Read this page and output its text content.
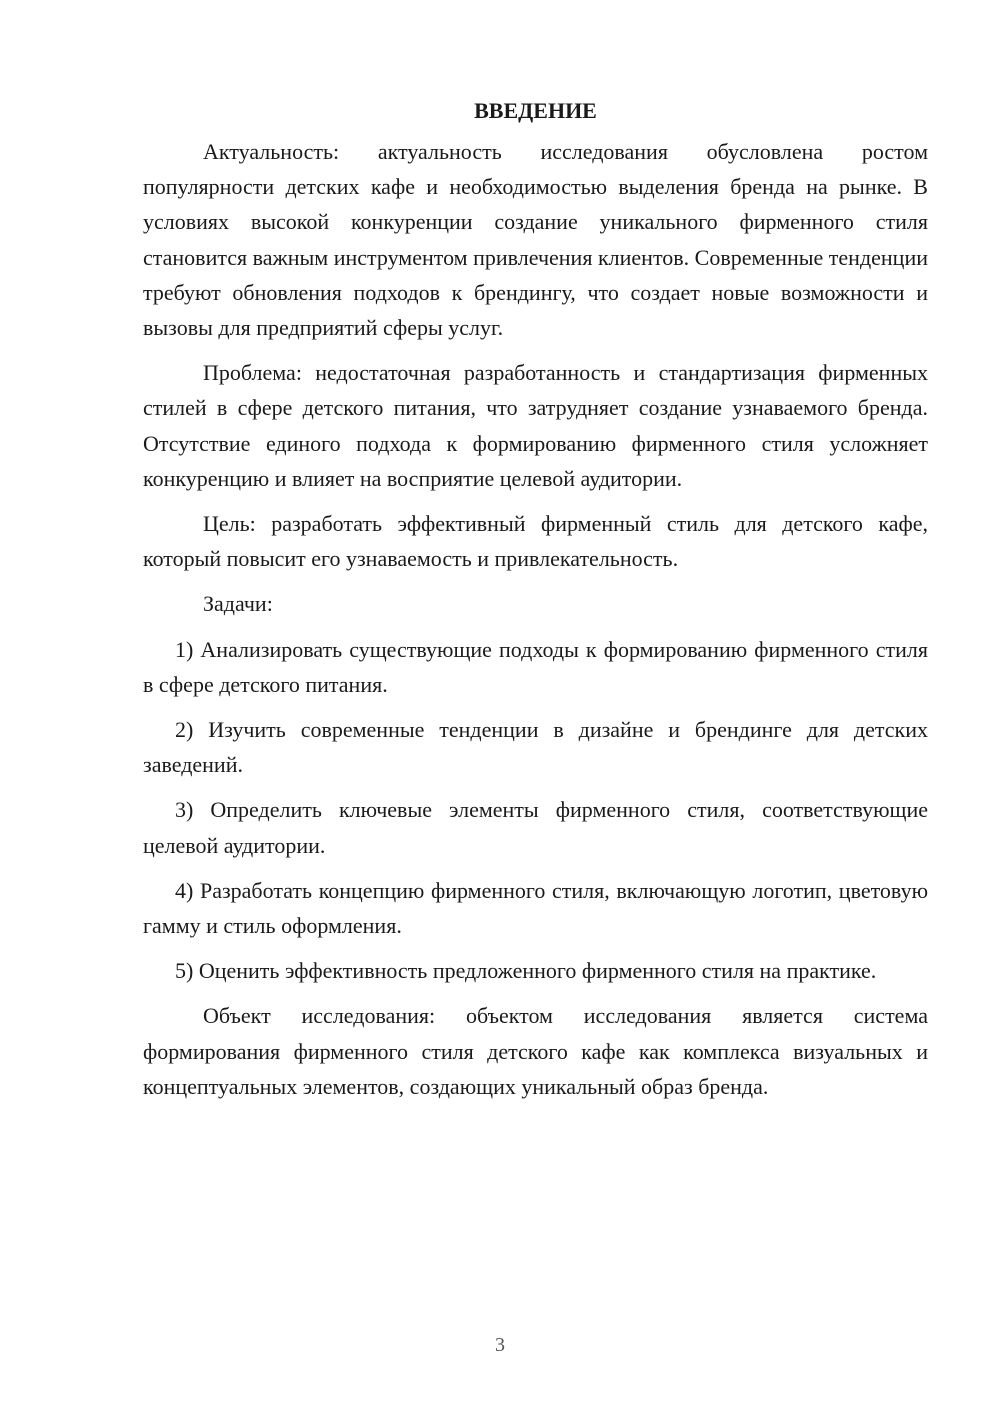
ВВЕДЕНИЕ

Актуальность: актуальность исследования обусловлена ростом популярности детских кафе и необходимостью выделения бренда на рынке. В условиях высокой конкуренции создание уникального фирменного стиля становится важным инструментом привлечения клиентов. Современные тенденции требуют обновления подходов к брендингу, что создает новые возможности и вызовы для предприятий сферы услуг.

Проблема: недостаточная разработанность и стандартизация фирменных стилей в сфере детского питания, что затрудняет создание узнаваемого бренда. Отсутствие единого подхода к формированию фирменного стиля усложняет конкуренцию и влияет на восприятие целевой аудитории.

Цель: разработать эффективный фирменный стиль для детского кафе, который повысит его узнаваемость и привлекательность.

Задачи:

1) Анализировать существующие подходы к формированию фирменного стиля в сфере детского питания.

2) Изучить современные тенденции в дизайне и брендинге для детских заведений.

3) Определить ключевые элементы фирменного стиля, соответствующие целевой аудитории.

4) Разработать концепцию фирменного стиля, включающую логотип, цветовую гамму и стиль оформления.

5) Оценить эффективность предложенного фирменного стиля на практике.

Объект исследования: объектом исследования является система формирования фирменного стиля детского кафе как комплекса визуальных и концептуальных элементов, создающих уникальный образ бренда.

3
